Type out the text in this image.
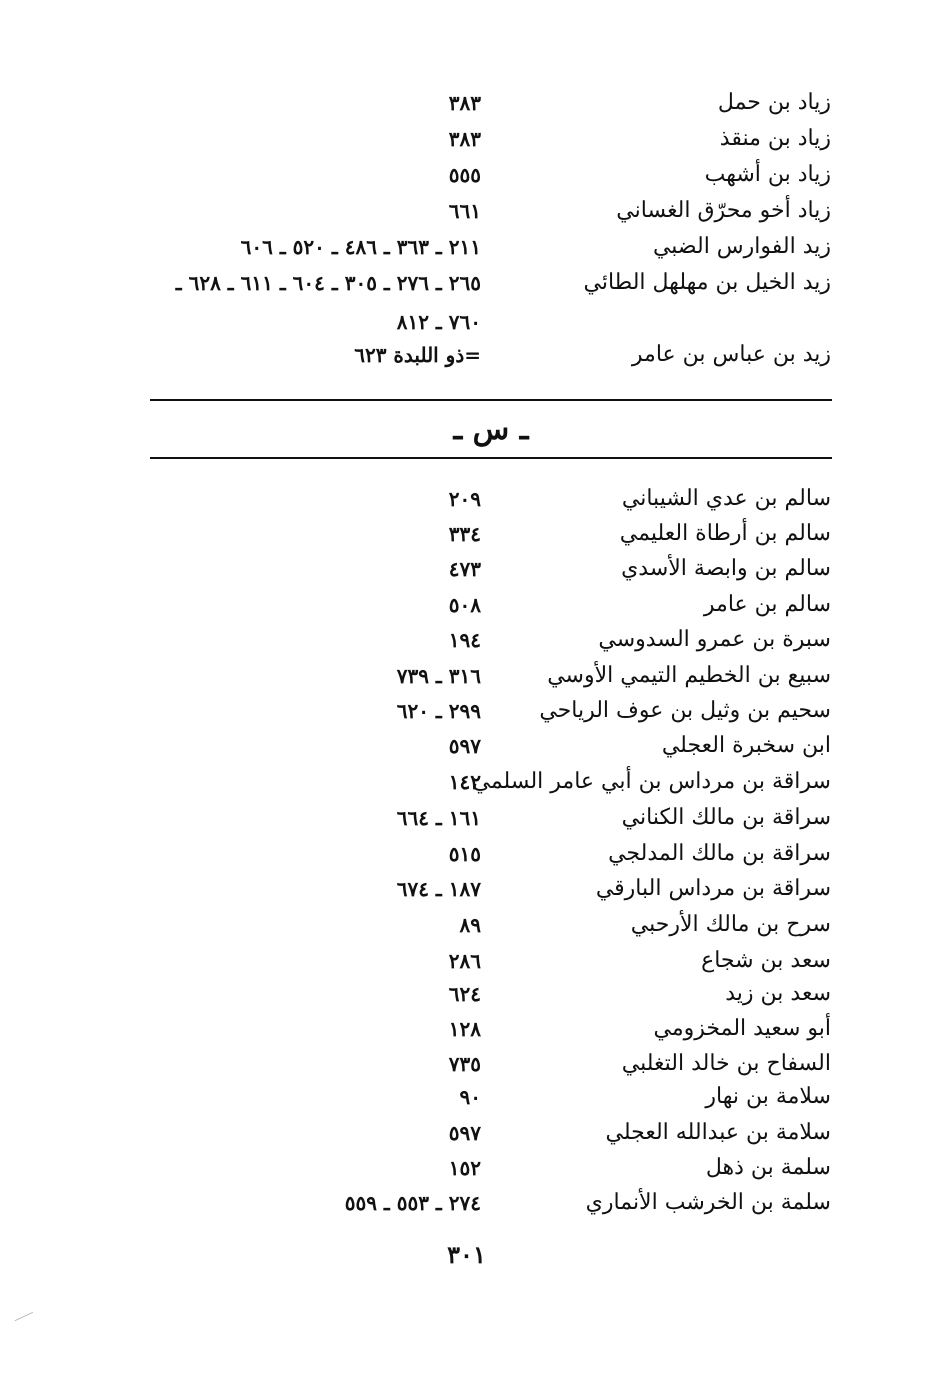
زياد بن حمل
٣٨٣
زياد بن منقذ
٣٨٣
زياد بن أشهب
٥٥٥
زياد أخو محرّق الغساني
٦٦١
زيد الفوارس الضبي
٢١١ ـ ٣٦٣ ـ ٤٨٦ ـ ٥٢٠ ـ ٦٠٦
زيد الخيل بن مهلهل الطائي
٢٦٥ ـ ٢٧٦ ـ ٣٠٥ ـ ٦٠٤ ـ ٦١١ ـ ٦٢٨ ـ
٧٦٠ ـ ٨١٢
زيد بن عباس بن عامر
=ذو اللبدة ٦٢٣
ـ س ـ
سالم بن عدي الشيباني
٢٠٩
سالم بن أرطاة العليمي
٣٣٤
سالم بن وابصة الأسدي
٤٧٣
سالم بن عامر
٥٠٨
سبرة بن عمرو السدوسي
١٩٤
سبيع بن الخطيم التيمي الأوسي
٣١٦ ـ ٧٣٩
سحيم بن وثيل بن عوف الرياحي
٢٩٩ ـ ٦٢٠
ابن سخبرة العجلي
٥٩٧
سراقة بن مرداس بن أبي عامر السلمي
١٤٢
سراقة بن مالك الكناني
١٦١ ـ ٦٦٤
سراقة بن مالك المدلجي
٥١٥
سراقة بن مرداس البارقي
١٨٧ ـ ٦٧٤
سرح بن مالك الأرحبي
٨٩
سعد بن شجاع
٢٨٦
سعد بن زيد
٦٢٤
أبو سعيد المخزومي
١٢٨
السفاح بن خالد التغلبي
٧٣٥
سلامة بن نهار
٩٠
سلامة بن عبدالله العجلي
٥٩٧
سلمة بن ذهل
١٥٢
سلمة بن الخرشب الأنماري
٢٧٤ ـ ٥٥٣ ـ ٥٥٩
٣٠١
